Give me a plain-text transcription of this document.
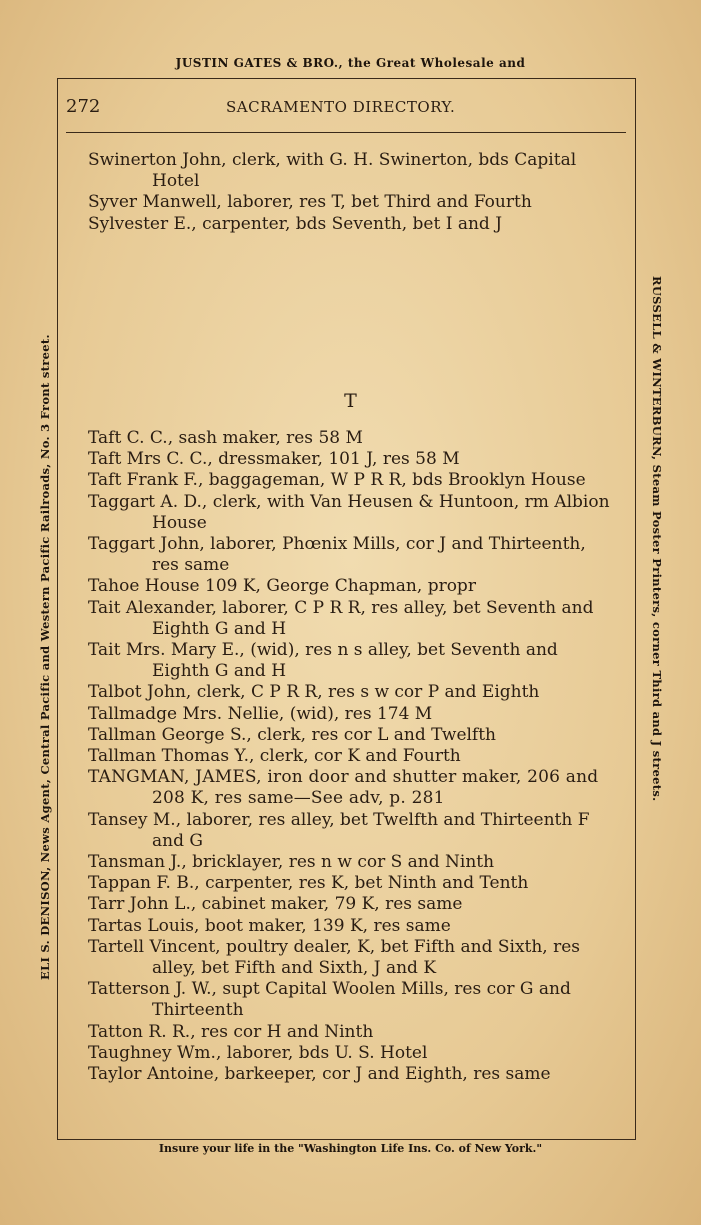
JUSTIN GATES & BRO., the Great Wholesale and
ELI S. DENISON, News Agent, Central Pacific and Western Pacific Railroads, No. 3 Front street.	RUSSELL & WINTERBURN, Steam Poster Printers, corner Third and J streets.
272	SACRAMENTO DIRECTORY.

Swinerton John, clerk, with G. H. Swinerton, bds Capital Hotel

Syver Manwell, laborer, res T, bet Third and Fourth

Sylvester E., carpenter, bds Seventh, bet I and J

T

Taft C. C., sash maker, res 58 M

Taft Mrs C. C., dressmaker, 101 J, res 58 M

Taft Frank F., baggageman, W P R R, bds Brooklyn House

Taggart A. D., clerk, with Van Heusen & Huntoon, rm Albion House

Taggart John, laborer, Phœnix Mills, cor J and Thirteenth, res same

Tahoe House 109 K, George Chapman, propr

Tait Alexander, laborer, C P R R, res alley, bet Seventh and Eighth G and H

Tait Mrs. Mary E., (wid), res n s alley, bet Seventh and Eighth G and H

Talbot John, clerk, C P R R, res s w cor P and Eighth

Tallmadge Mrs. Nellie, (wid), res 174 M

Tallman George S., clerk, res cor L and Twelfth

Tallman Thomas Y., clerk, cor K and Fourth

TANGMAN, JAMES, iron door and shutter maker, 206 and 208 K, res same—See adv, p. 281

Tansey M., laborer, res alley, bet Twelfth and Thirteenth F and G

Tansman J., bricklayer, res n w cor S and Ninth

Tappan F. B., carpenter, res K, bet Ninth and Tenth

Tarr John L., cabinet maker, 79 K, res same

Tartas Louis, boot maker, 139 K, res same

Tartell Vincent, poultry dealer, K, bet Fifth and Sixth, res alley, bet Fifth and Sixth, J and K

Tatterson J. W., supt Capital Woolen Mills, res cor G and Thirteenth

Tatton R. R., res cor H and Ninth

Taughney Wm., laborer, bds U. S. Hotel

Taylor Antoine, barkeeper, cor J and Eighth, res same

Insure your life in the "Washington Life Ins. Co. of New York."
